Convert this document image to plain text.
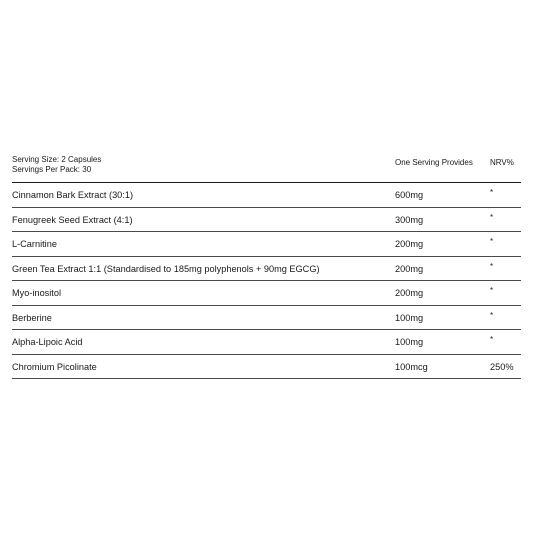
Serving Size: 2 Capsules
Servings Per Pack: 30
One Serving Provides NRV%
Cinnamon Bark Extract (30:1)	600mg	*
Fenugreek Seed Extract (4:1)	300mg	*
L-Carnitine	200mg	*
Green Tea Extract 1:1 (Standardised to 185mg polyphenols + 90mg EGCG)	200mg	*
Myo-inositol	200mg	*
Berberine	100mg	*
Alpha-Lipoic Acid	100mg	*
Chromium Picolinate	100mcg	250%
